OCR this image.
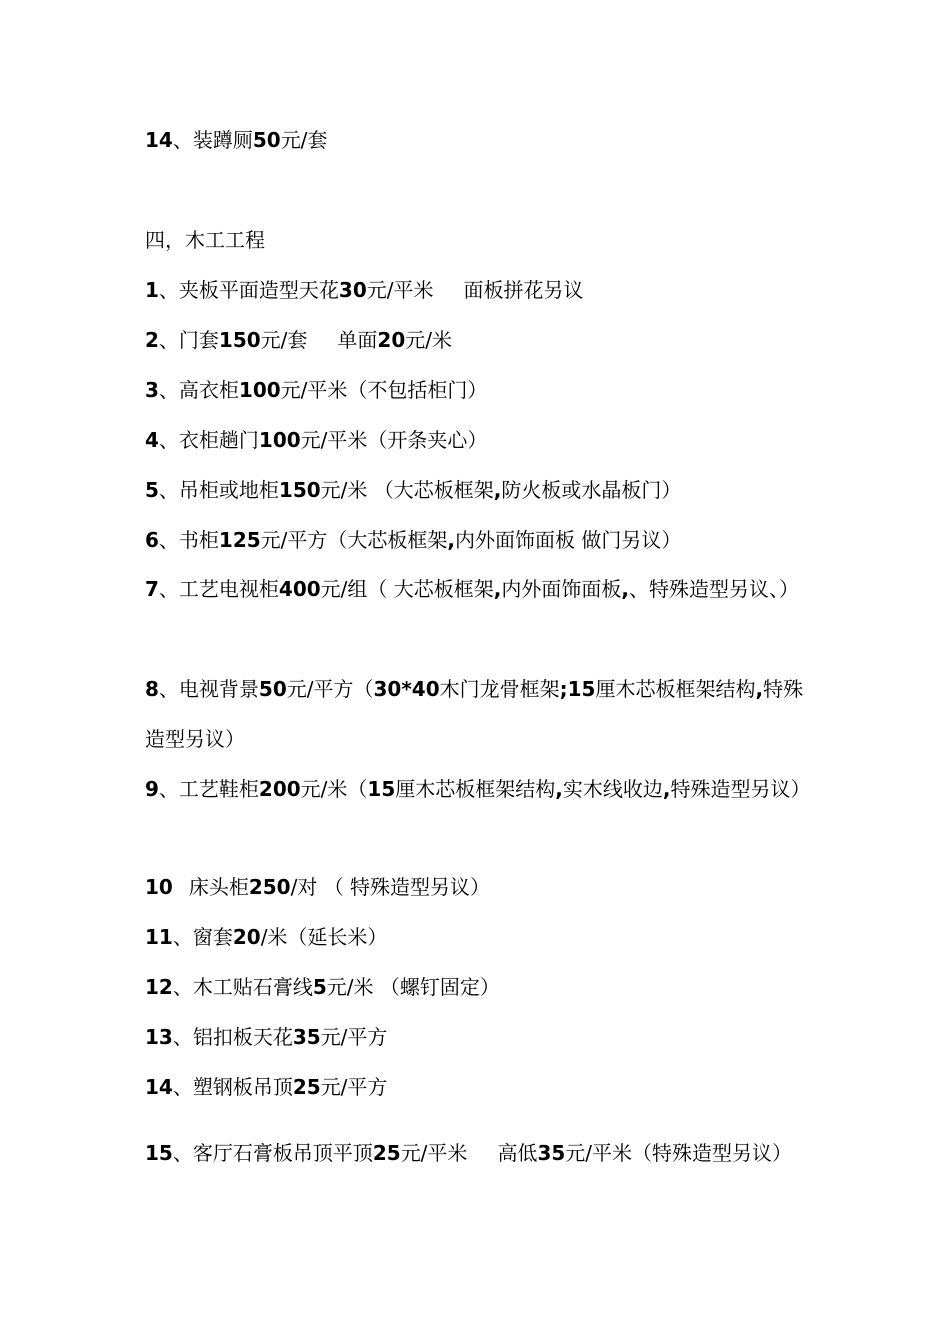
14、装蹲厕50元/套
四，木工工程
1、夹板平面造型天花30元/平米 面板拼花另议
2、门套150元/套 单面20元/米
3、高衣柜100元/平米（不包括柜门）
4、衣柜趟门100元/平米（开条夹心）
5、吊柜或地柜150元/米 （大芯板框架,防火板或水晶板门）
6、书柜125元/平方（大芯板框架,内外面饰面板 做门另议）
7、工艺电视柜400元/组（ 大芯板框架,内外面饰面板,、特殊造型另议、）
8、电视背景50元/平方（30*40木门龙骨框架;15厘木芯板框架结构,特殊造型另议）
9、工艺鞋柜200元/米（15厘木芯板框架结构,实木线收边,特殊造型另议）
10 床头柜250/对 （ 特殊造型另议）
11、窗套20/米（延长米）
12、木工贴石膏线5元/米 （螺钉固定）
13、铝扣板天花35元/平方
14、塑钢板吊顶25元/平方
15、客厅石膏板吊顶平顶25元/平米 高低35元/平米（特殊造型另议）
